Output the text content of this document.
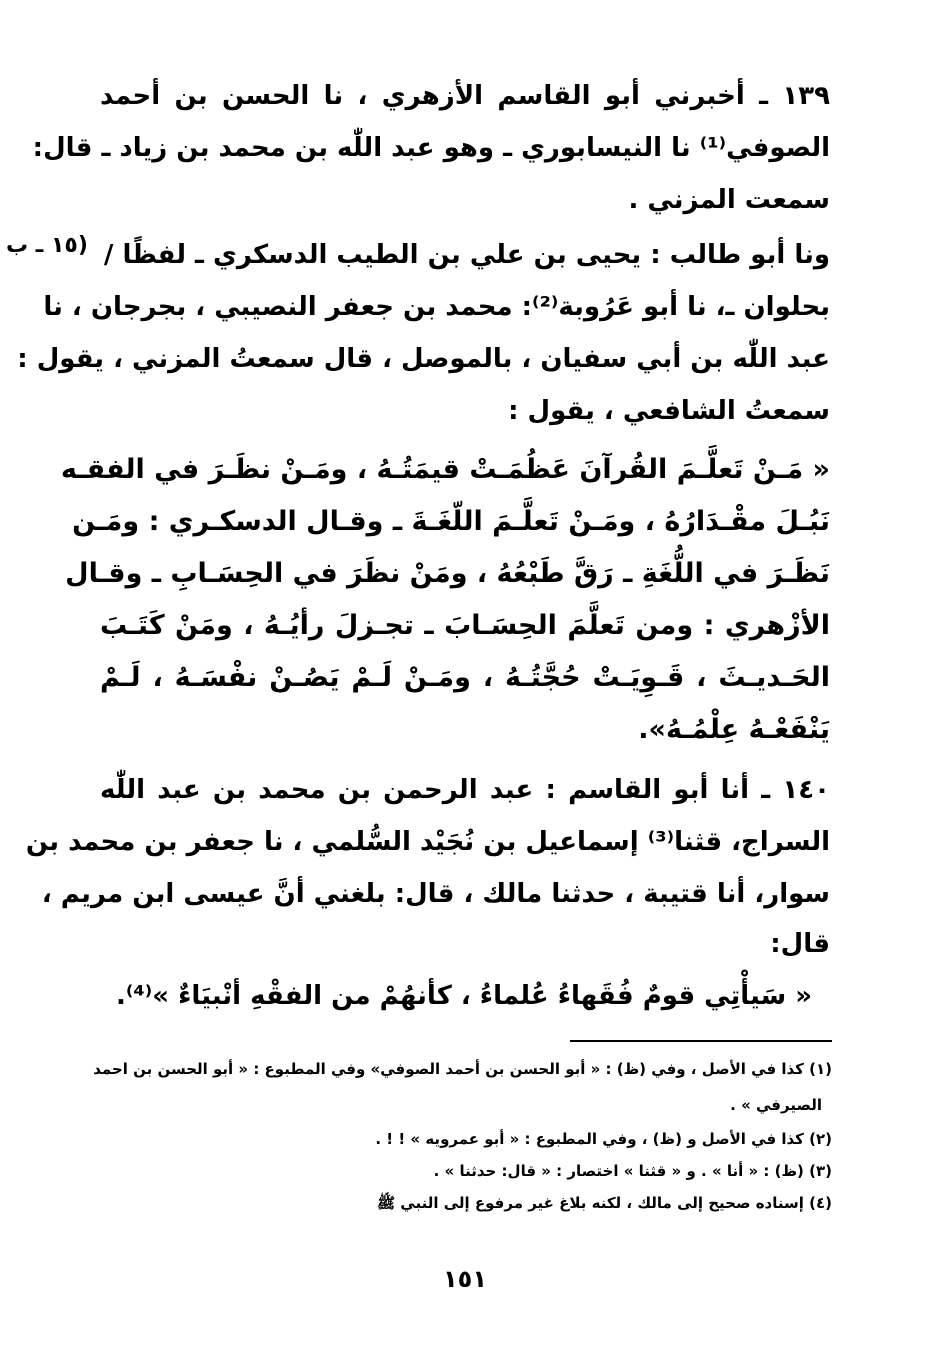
١٣٩ ـ أخبرني أبو القاسم الأزهري ، نا الحسن بن أحمد
الصوفي⁽¹⁾ نا النيسابوري ـ وهو عبد اللّٰه بن محمد بن زياد ـ قال:
سمعت المزني .
ونا أبو طالب : يحيى بن علي بن الطيب الدسكري ـ لفظًا /
(١٥ ـ ب
بحلوان ـ، نا أبو عَرُوبة⁽²⁾: محمد بن جعفر النصيبي ، بجرجان ، نا
عبد اللّٰه بن أبي سفيان ، بالموصل ، قال سمعتُ المزني ، يقول :
سمعتُ الشافعي ، يقول :
« مَـنْ تَعلَّـمَ القُرآنَ عَظُمَـتْ قيمَتُـهُ ، ومَـنْ نظَـرَ في الفقـه
نَبُـلَ مقْـدَارُهُ ، ومَـنْ تَعلَّـمَ اللّغَـةَ ـ وقـال الدسكـري : ومَـن
نَظَـرَ في اللُّغَةِ ـ رَقَّ طَبْعُهُ ، ومَنْ نظَرَ في الحِسَـابِ ـ وقـال
الأزْهري : ومن تَعلَّمَ الحِسَـابَ ـ تجـزلَ رأيُـهُ ، ومَنْ كَتَـبَ
الحَـديـثَ ، قَـوِيَـتْ حُجَّتُـهُ ، ومَـنْ لَـمْ يَصُـنْ نفْسَـهُ ، لَـمْ
يَنْفَعْـهُ عِلْمُـهُ».
١٤٠ ـ أنا أبو القاسم : عبد الرحمن بن محمد بن عبد اللّٰه
السراج، قثنا⁽³⁾ إسماعيل بن نُجَيْد السُّلمي ، نا جعفر بن محمد بن
سوار، أنا قتيبة ، حدثنا مالك ، قال: بلغني أنَّ عيسى ابن مريم ،
قال:
« سَيأْتِي قومٌ فُقَهاءُ عُلماءُ ، كأنهُمْ من الفقْهِ أنْبيَاءٌ »⁽⁴⁾.
(١) كذا في الأصل ، وفي (ظ) : « أبو الحسن بن أحمد الصوفي» وفي المطبوع : « أبو الحسن بن احمد
الصيرفي » .
(٢) كذا في الأصل و (ظ) ، وفي المطبوع : « أبو عمرويه » ! ! .
(٣) (ظ) : « أنا » . و « قثنا » اختصار : « قال: حدثنا » .
(٤) إسناده صحيح إلى مالك ، لكنه بلاغ غير مرفوع إلى النبي ﷺ
١٥١
